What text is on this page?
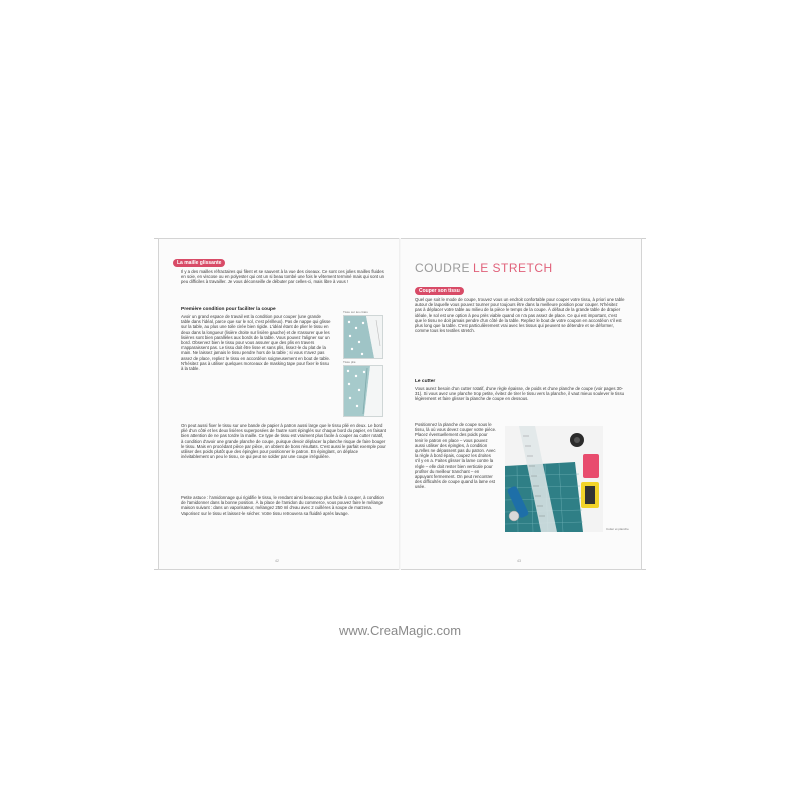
La maille glissante

Il y a des mailles réfractaires qui filent et se sauvent à la vue des ciseaux. Ce sont ces jolies mailles fluides en soie, en viscose ou en polyester qui ont un si beau tombé une fois le vêtement terminé mais qui sont un peu difficiles à travailler. Je vous déconseille de débuter par celles-ci, mais libre à vous !

Première condition pour faciliter la coupe

Avoir un grand espace de travail est la condition pour couper (une grande table dans l'idéal, parce que sur le sol, c'est périlleux). Pas de nappe qui glisse sur la table, au plus une toile cirée bien rigide. L'idéal étant de plier le tissu en deux dans la longueur (lisière droite sur lisière gauche) et de s'assurer que les lisières sont bien parallèles aux bords de la table. Vous pouvez l'aligner sur un bord. Observez bien le tissu pour vous assurer que des plis en travers n'apparaissent pas. Le tissu doit être lisse et sans plis, lissez-le du plat de la main. Ne laissez jamais le tissu pendre hors de la table ; si vous n'avez pas assez de place, repliez le tissu en accordéon soigneusement en bout de table. N'hésitez pas à utiliser quelques morceaux de masking tape pour fixer le tissu à la table.

Tissu sur les côtés
Tissu plié

On peut aussi fixer le tissu sur une bande de papier à patron aussi large que le tissu plié en deux. Le bord plié d'un côté et les deux lisières superposées de l'autre sont épinglés sur chaque bord du papier, en faisant bien attention de ne pas tordre la maille. Ce type de tissu est vraiment plus facile à couper au cutter rotatif, à condition d'avoir une grande planche de coupe, puisque devoir déplacer la planche risque de faire bouger le tissu. Mais en procédant pièce par pièce, on obtient de bons résultats. C'est aussi le parfait exemple pour utiliser des poids plutôt que des épingles pour positionner le patron. En épinglant, on déplace inévitablement un peu le tissu, ce qui peut se solder par une coupe irrégulière.

Petite astuce : l'amidonnage qui rigidifie le tissu, le rendant ainsi beaucoup plus facile à couper, à condition de l'amidonner dans la bonne position. À la place de l'amidon du commerce, vous pouvez faire le mélange maison suivant : dans un vaporisateur, mélangez 250 ml d'eau avec 2 cuillères à soupe de maïzena. Vaporisez sur le tissu et laissez-le sécher. Votre tissu retrouvera sa fluidité après lavage.

42
COUDRE LE STRETCH
Couper son tissu

Quel que soit le mode de coupe, trouvez vous un endroit confortable pour couper votre tissu, à priori une table autour de laquelle vous pouvez tourner pour toujours être dans la meilleure position pour couper. N'hésitez pas à déplacer votre table au milieu de la pièce le temps de la coupe. À défaut de la grande table de drapier idéale, le sol est une option à peu près viable quand on n'a pas assez de place. Ce qui est important, c'est que le tissu ne doit jamais pendre d'un côté de la table. Repliez le bout de votre coupon en accordéon s'il est plus long que la table. C'est particulièrement vrai avec les tissus qui peuvent se détendre et se déformer, comme tous les textiles stretch.

Le cutter

Vous aurez besoin d'un cutter rotatif, d'une règle épaisse, de poids et d'une planche de coupe (voir pages 30-31). Si vous avez une planche trop petite, évitez de tirer le tissu vers la planche, il vaut mieux soulever le tissu légèrement et faire glisser la planche de coupe en dessous.

Positionnez la planche de coupe sous le tissu, là où vous devez couper votre pièce. Placez éventuellement des poids pour tenir le patron en place – vous pouvez aussi utiliser des épingles, à condition qu'elles ne dépassent pas du patron. Avec la règle à bord épais, coupez les droites s'il y en a. Faites glisser la lame contre la règle – elle doit rester bien verticale pour profiter du meilleur tranchant – en appuyant fermement. On peut rencontrer des difficultés de coupe quand la lame est usée.

Cutter et planche
43
www.CreaMagic.com
